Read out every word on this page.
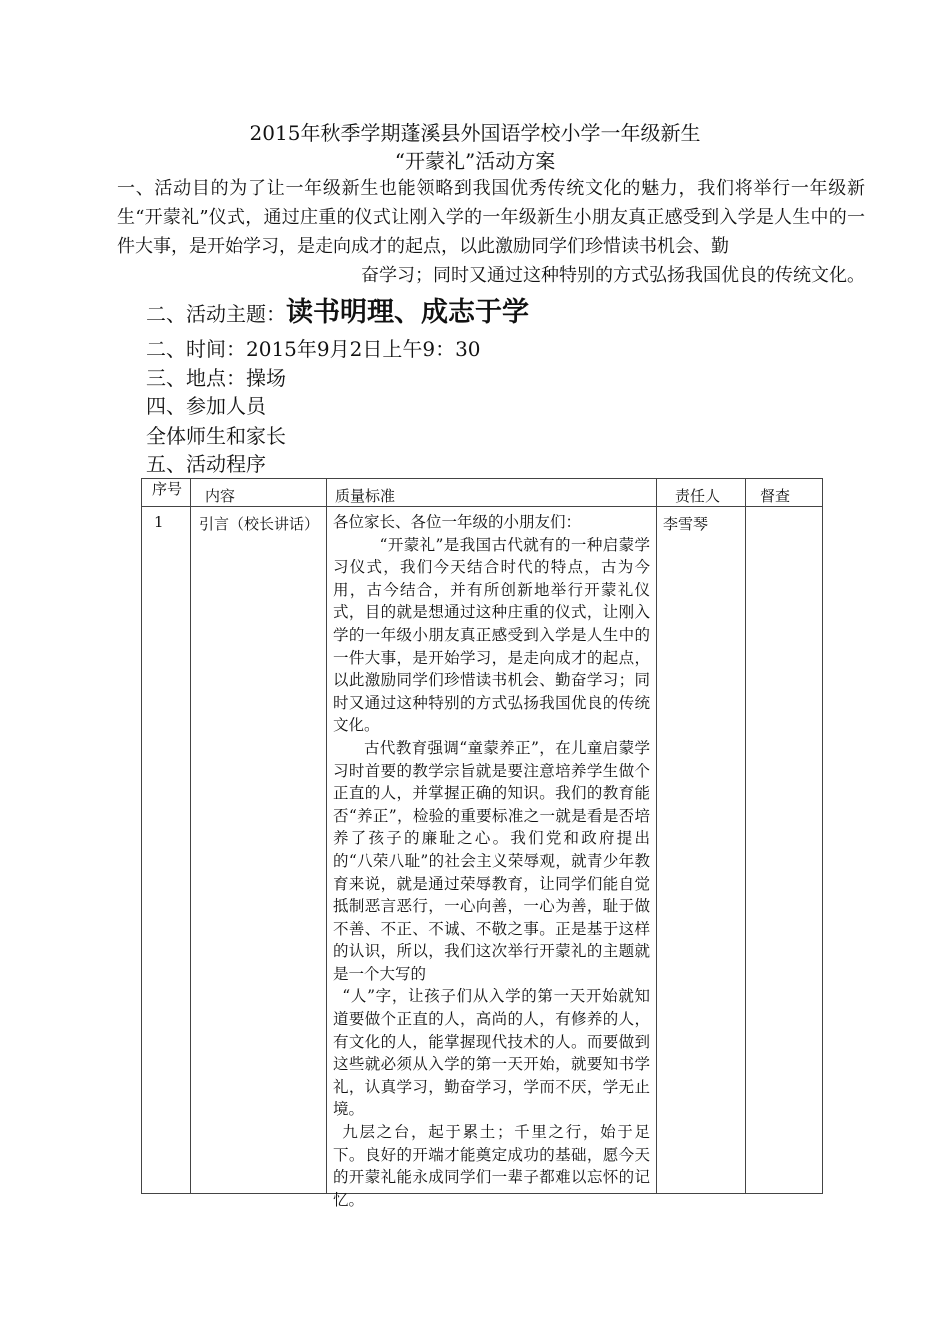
2015年秋季学期蓬溪县外国语学校小学一年级新生
“开蒙礼”活动方案
一、活动目的为了让一年级新生也能领略到我国优秀传统文化的魅力，我们将举行一年级新生“开蒙礼”仪式，通过庄重的仪式让刚入学的一年级新生小朋友真正感受到入学是人生中的一件大事，是开始学习，是走向成才的起点，以此激励同学们珍惜读书机会、勤
奋学习；同时又通过这种特别的方式弘扬我国优良的传统文化。
二、活动主题：读书明理、成志于学
二、时间：2015年9月2日上午9：30
三、地点：操场
四、参加人员
全体师生和家长
五、活动程序
序号	内容	质量标准	责任人	督查

1	引言（校长讲话）	各位家长、各位一年级的小朋友们：

“开蒙礼”是我国古代就有的一种启蒙学习仪式，我们今天结合时代的特点，古为今用，古今结合，并有所创新地举行开蒙礼仪式，目的就是想通过这种庄重的仪式，让刚入学的一年级小朋友真正感受到入学是人生中的一件大事，是开始学习，是走向成才的起点，以此激励同学们珍惜读书机会、勤奋学习；同时又通过这种特别的方式弘扬我国优良的传统文化。

古代教育强调“童蒙养正”，在儿童启蒙学习时首要的教学宗旨就是要注意培养学生做个正直的人，并掌握正确的知识。我们的教育能否“养正”，检验的重要标准之一就是看是否培养了孩子的廉耻之心。我们党和政府提出的“八荣八耻”的社会主义荣辱观，就青少年教育来说，就是通过荣辱教育，让同学们能自觉抵制恶言恶行，一心向善，一心为善，耻于做不善、不正、不诚、不敬之事。正是基于这样的认识，所以，我们这次举行开蒙礼的主题就是一个大写的

“人”字，让孩子们从入学的第一天开始就知道要做个正直的人，高尚的人，有修养的人，有文化的人，能掌握现代技术的人。而要做到这些就必须从入学的第一天开始，就要知书学礼，认真学习，勤奋学习，学而不厌，学无止境。

九层之台，起于累土；千里之行，始于足下。良好的开端才能奠定成功的基础，愿今天的开蒙礼能永成同学们一辈子都难以忘怀的记忆。	李雪琴	
